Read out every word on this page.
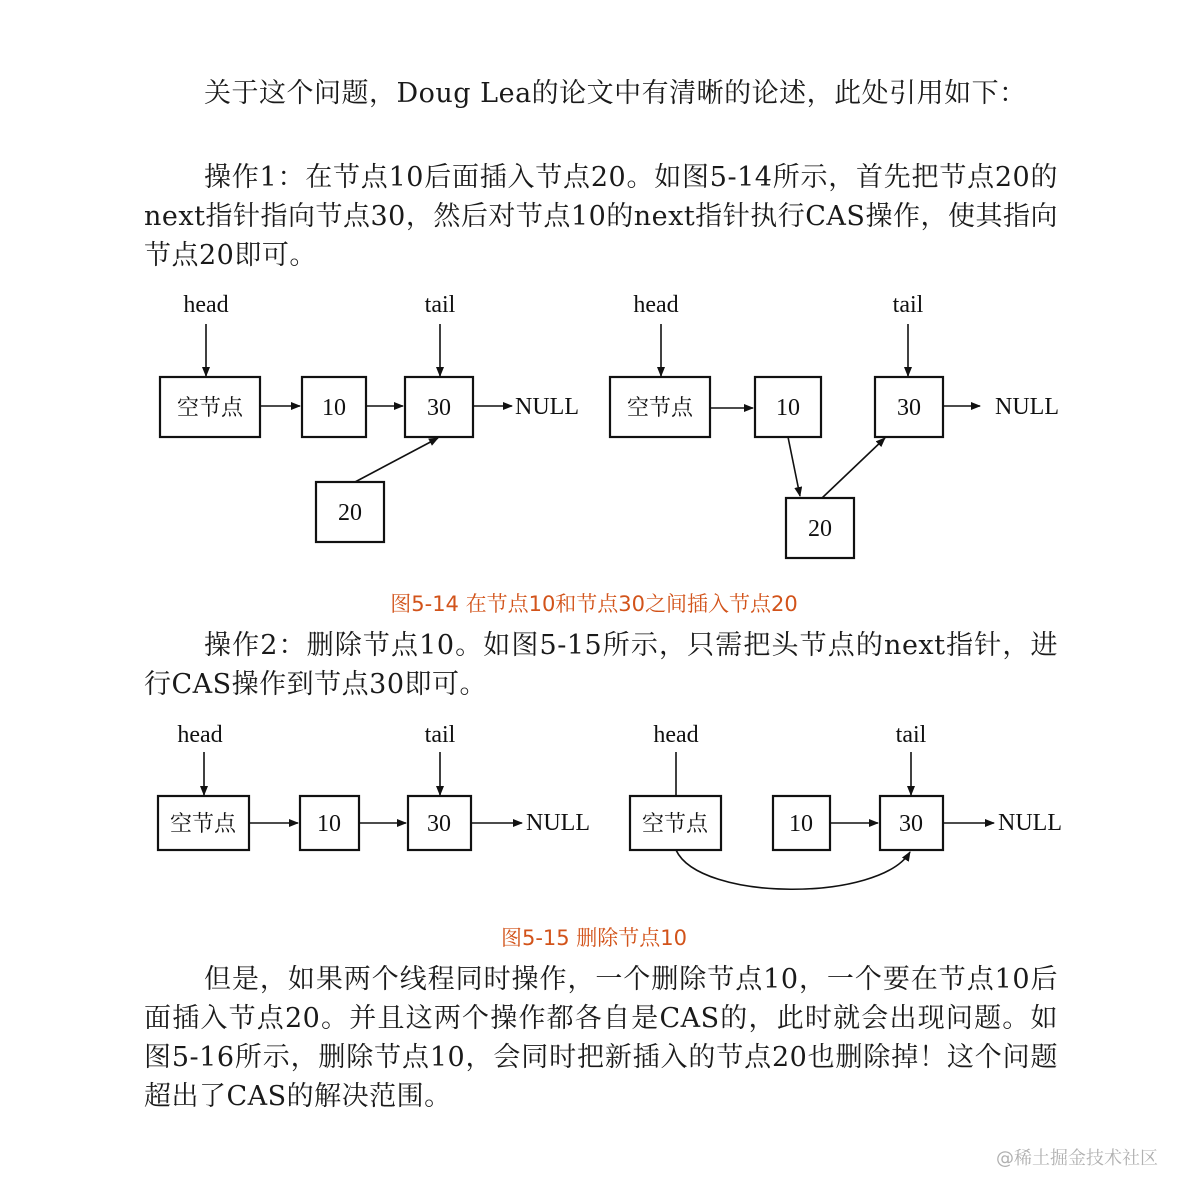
关于这个问题，Doug Lea的论文中有清晰的论述，此处引用如下：

操作1：在节点10后面插入节点20。如图5-14所示，首先把节点20的next指针指向节点30，然后对节点10的next指针执行CAS操作，使其指向节点20即可。

head	tail
空节点	10	30	NULL
20
head	tail
空节点	10	30	NULL
20

图5-14 在节点10和节点30之间插入节点20

操作2：删除节点10。如图5-15所示，只需把头节点的next指针，进行CAS操作到节点30即可。

head	tail
空节点	10	30	NULL
head	tail
空节点	10	30	NULL

图5-15 删除节点10

但是，如果两个线程同时操作，一个删除节点10，一个要在节点10后面插入节点20。并且这两个操作都各自是CAS的，此时就会出现问题。如图5-16所示，删除节点10，会同时把新插入的节点20也删除掉！这个问题超出了CAS的解决范围。

@稀土掘金技术社区
